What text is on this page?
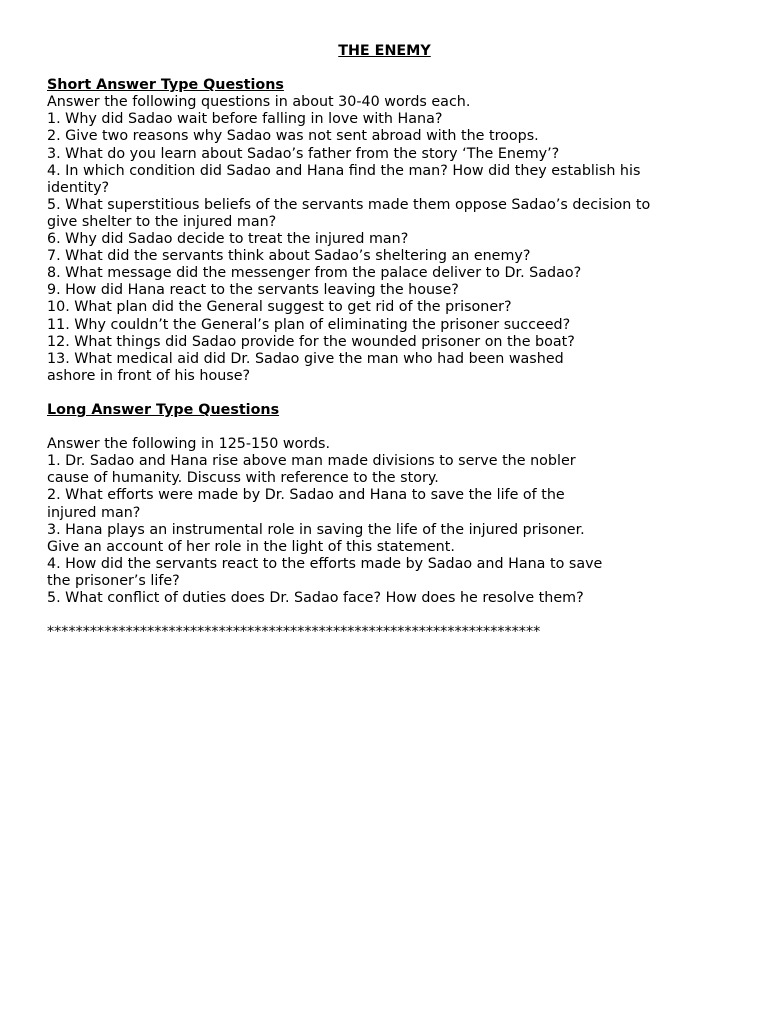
THE ENEMY

Short Answer Type Questions

Answer the following questions in about 30-40 words each.

1. Why did Sadao wait before falling in love with Hana?

2. Give two reasons why Sadao was not sent abroad with the troops.

3. What do you learn about Sadao’s father from the story ‘The Enemy’?

4. In which condition did Sadao and Hana find the man? How did they establish his

identity?

5. What superstitious beliefs of the servants made them oppose Sadao’s decision to

give shelter to the injured man?

6. Why did Sadao decide to treat the injured man?

7. What did the servants think about Sadao’s sheltering an enemy?

8. What message did the messenger from the palace deliver to Dr. Sadao?

9. How did Hana react to the servants leaving the house?

10. What plan did the General suggest to get rid of the prisoner?

11. Why couldn’t the General’s plan of eliminating the prisoner succeed?

12. What things did Sadao provide for the wounded prisoner on the boat?

13. What medical aid did Dr. Sadao give the man who had been washed

ashore in front of his house?

Long Answer Type Questions

Answer the following in 125-150 words.

1. Dr. Sadao and Hana rise above man made divisions to serve the nobler

cause of humanity. Discuss with reference to the story.

2. What efforts were made by Dr. Sadao and Hana to save the life of the

injured man?

3. Hana plays an instrumental role in saving the life of the injured prisoner.

Give an account of her role in the light of this statement.

4. How did the servants react to the efforts made by Sadao and Hana to save

the prisoner’s life?

5. What conflict of duties does Dr. Sadao face? How does he resolve them?

*********************************************************************
